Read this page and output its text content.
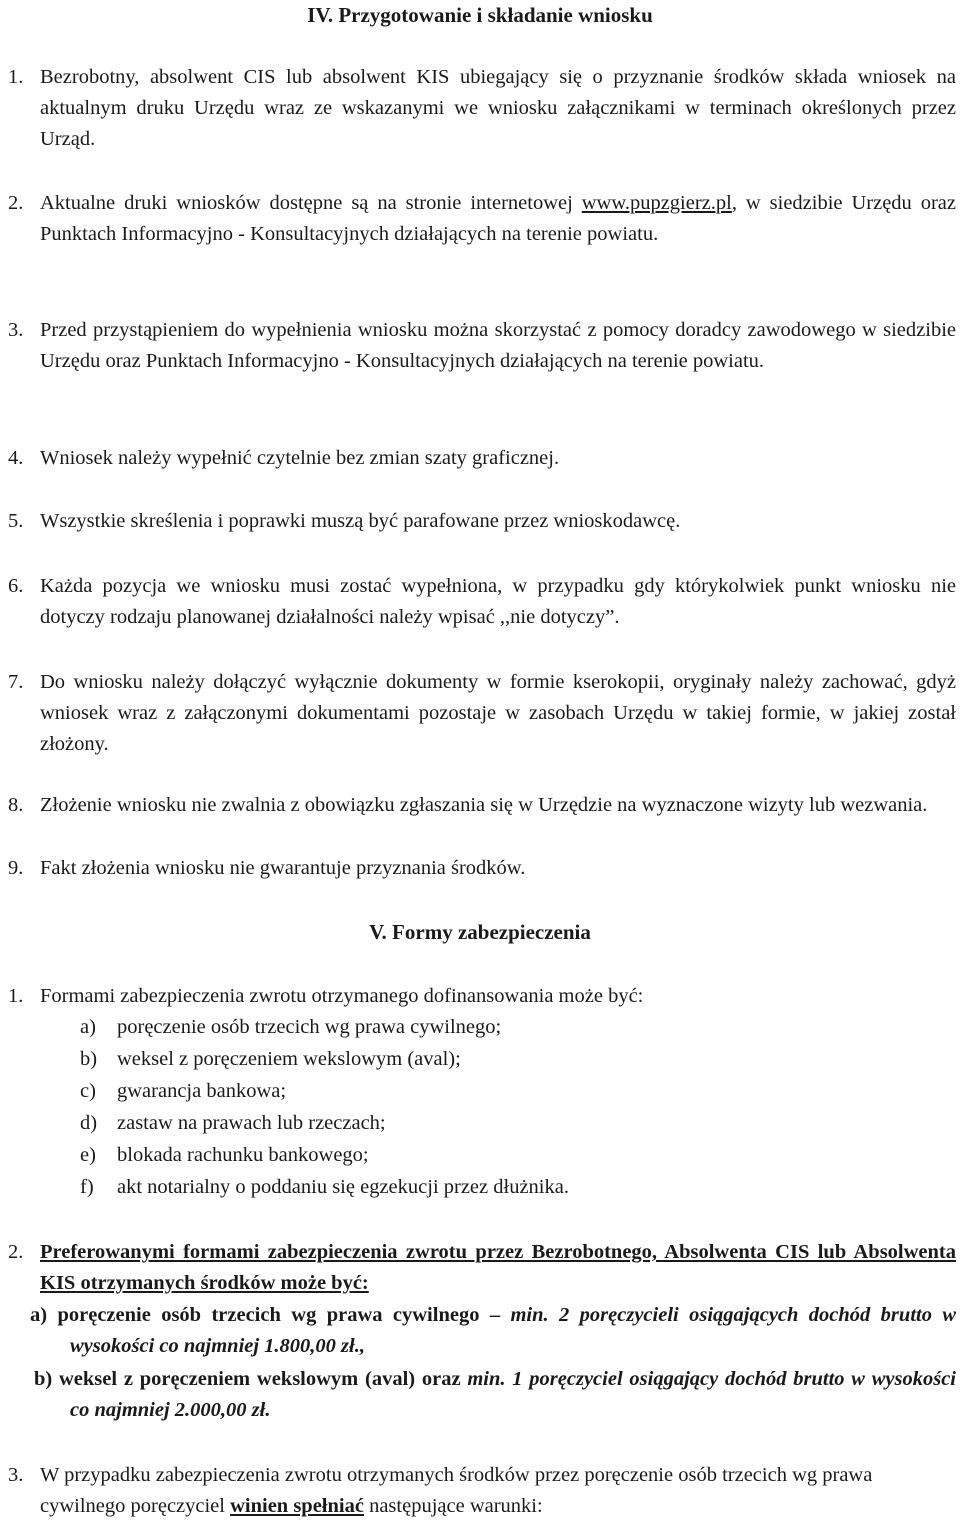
IV. Przygotowanie i składanie wniosku
1. Bezrobotny, absolwent CIS lub absolwent KIS ubiegający się o przyznanie środków składa wniosek na aktualnym druku Urzędu wraz ze wskazanymi we wniosku załącznikami w terminach określonych przez Urząd.
2. Aktualne druki wniosków dostępne są na stronie internetowej www.pupzgierz.pl, w siedzibie Urzędu oraz Punktach Informacyjno - Konsultacyjnych działających na terenie powiatu.
3. Przed przystąpieniem do wypełnienia wniosku można skorzystać z pomocy doradcy zawodowego w siedzibie Urzędu oraz Punktach Informacyjno - Konsultacyjnych działających na terenie powiatu.
4. Wniosek należy wypełnić czytelnie bez zmian szaty graficznej.
5. Wszystkie skreślenia i poprawki muszą być parafowane przez wnioskodawcę.
6. Każda pozycja we wniosku musi zostać wypełniona, w przypadku gdy którykolwiek punkt wniosku nie dotyczy rodzaju planowanej działalności należy wpisać ,,nie dotyczy”.
7. Do wniosku należy dołączyć wyłącznie dokumenty w formie kserokopii, oryginały należy zachować, gdyż wniosek wraz z załączonymi dokumentami pozostaje w zasobach Urzędu w takiej formie, w jakiej został złożony.
8. Złożenie wniosku nie zwalnia z obowiązku zgłaszania się w Urzędzie na wyznaczone wizyty lub wezwania.
9. Fakt złożenia wniosku nie gwarantuje przyznania środków.
V. Formy zabezpieczenia
1. Formami zabezpieczenia zwrotu otrzymanego dofinansowania może być:
a) poręczenie osób trzecich wg prawa cywilnego;
b) weksel z poręczeniem wekslowym (aval);
c) gwarancja bankowa;
d) zastaw na prawach lub rzeczach;
e) blokada rachunku bankowego;
f) akt notarialny o poddaniu się egzekucji przez dłużnika.
2. Preferowanymi formami zabezpieczenia zwrotu przez Bezrobotnego, Absolwenta CIS lub Absolwenta KIS otrzymanych środków może być:
a) poręczenie osób trzecich wg prawa cywilnego – min. 2 poręczycieli osiągających dochód brutto w wysokości co najmniej 1.800,00 zł.,
b) weksel z poręczeniem wekslowym (aval) oraz min. 1 poręczyciel osiągający dochód brutto w wysokości co najmniej 2.000,00 zł.
3. W przypadku zabezpieczenia zwrotu otrzymanych środków przez poręczenie osób trzecich wg prawa cywilnego poręczyciel winien spełniać następujące warunki:
